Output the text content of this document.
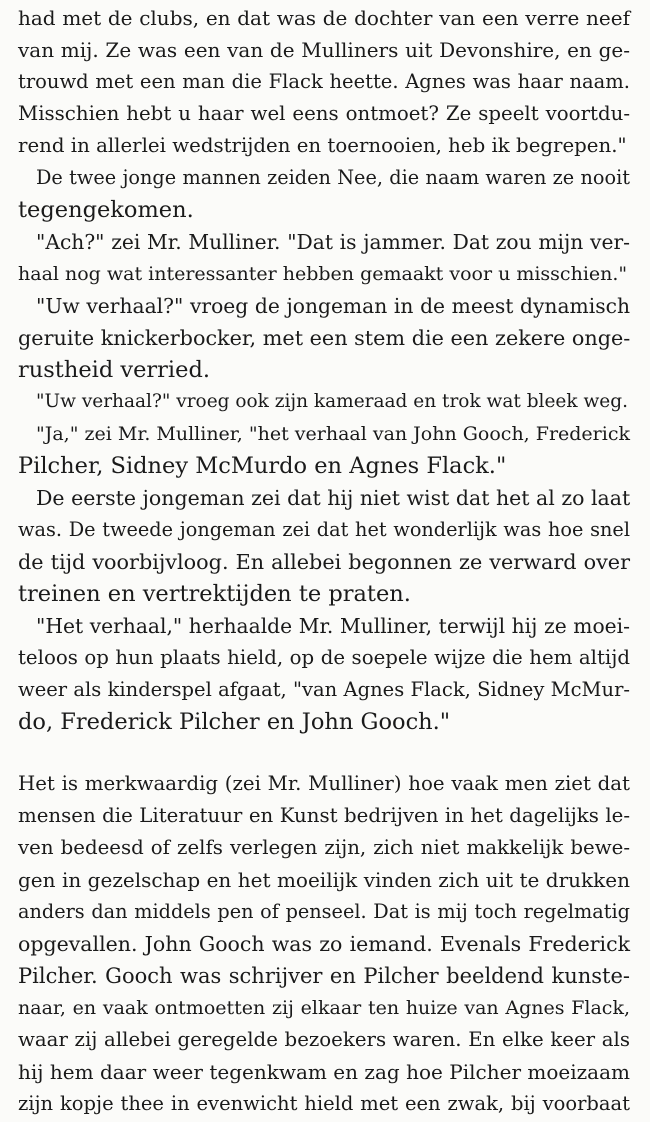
had met de clubs, en dat was de dochter van een verre neef
van mij. Ze was een van de Mulliners uit Devonshire, en ge-
trouwd met een man die Flack heette. Agnes was haar naam.
Misschien hebt u haar wel eens ontmoet? Ze speelt voortdu-
rend in allerlei wedstrijden en toernooien, heb ik begrepen."
De twee jonge mannen zeiden Nee, die naam waren ze nooit
tegengekomen.
"Ach?" zei Mr. Mulliner. "Dat is jammer. Dat zou mijn ver-
haal nog wat interessanter hebben gemaakt voor u misschien."
"Uw verhaal?" vroeg de jongeman in de meest dynamisch
geruite knickerbocker, met een stem die een zekere onge-
rustheid verried.
"Uw verhaal?" vroeg ook zijn kameraad en trok wat bleek weg.
"Ja," zei Mr. Mulliner, "het verhaal van John Gooch, Frederick
Pilcher, Sidney McMurdo en Agnes Flack."
De eerste jongeman zei dat hij niet wist dat het al zo laat
was. De tweede jongeman zei dat het wonderlijk was hoe snel
de tijd voorbijvloog. En allebei begonnen ze verward over
treinen en vertrektijden te praten.
"Het verhaal," herhaalde Mr. Mulliner, terwijl hij ze moei-
teloos op hun plaats hield, op de soepele wijze die hem altijd
weer als kinderspel afgaat, "van Agnes Flack, Sidney McMur-
do, Frederick Pilcher en John Gooch."
Het is merkwaardig (zei Mr. Mulliner) hoe vaak men ziet dat
mensen die Literatuur en Kunst bedrijven in het dagelijks le-
ven bedeesd of zelfs verlegen zijn, zich niet makkelijk bewe-
gen in gezelschap en het moeilijk vinden zich uit te drukken
anders dan middels pen of penseel. Dat is mij toch regelmatig
opgevallen. John Gooch was zo iemand. Evenals Frederick
Pilcher. Gooch was schrijver en Pilcher beeldend kunste-
naar, en vaak ontmoetten zij elkaar ten huize van Agnes Flack,
waar zij allebei geregelde bezoekers waren. En elke keer als
hij hem daar weer tegenkwam en zag hoe Pilcher moeizaam
zijn kopje thee in evenwicht hield met een zwak, bij voorbaat
